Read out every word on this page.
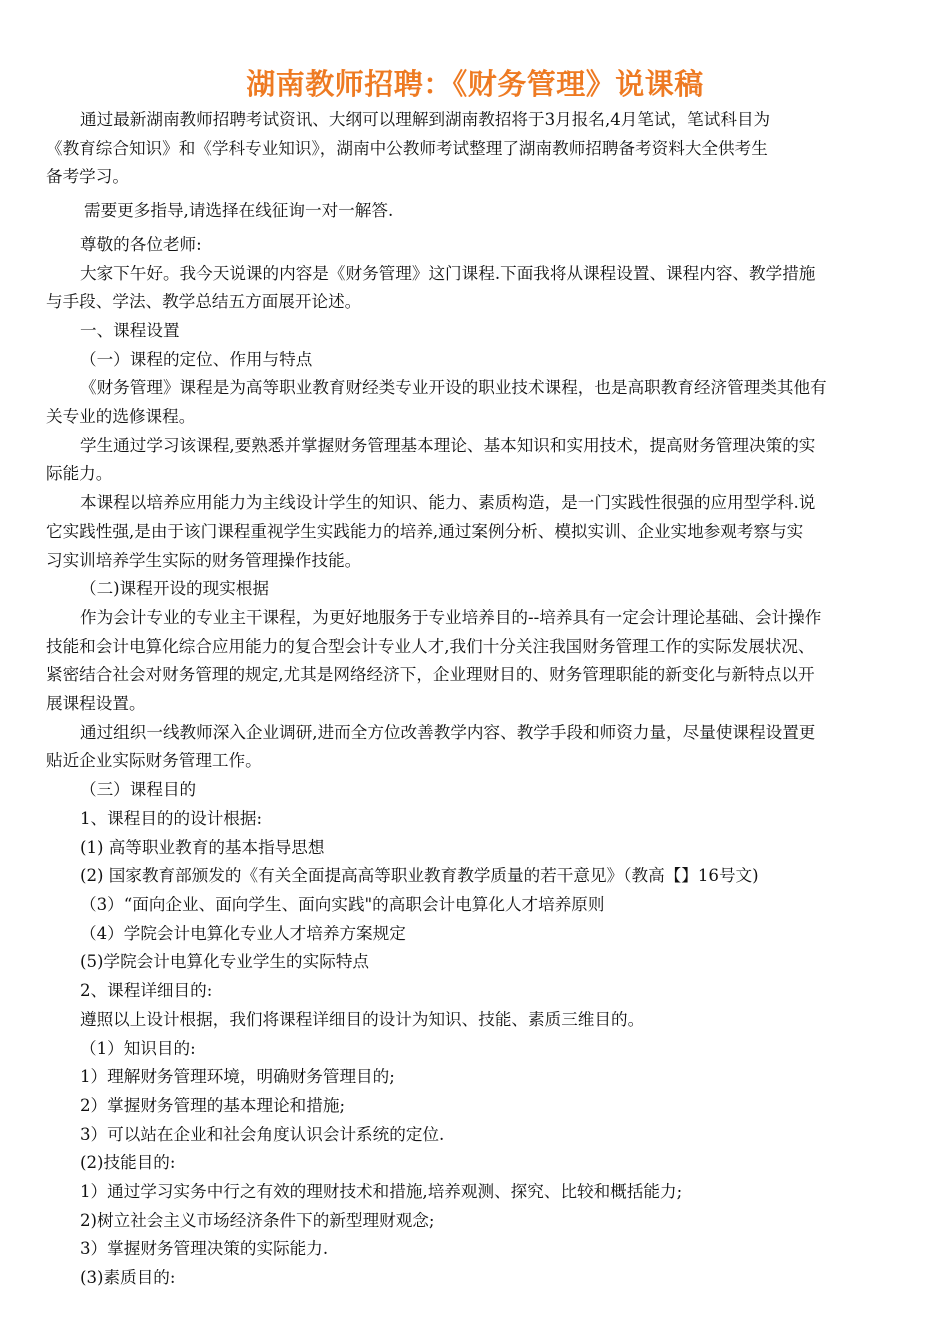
湖南教师招聘：《财务管理》说课稿

通过最新湖南教师招聘考试资讯、大纲可以理解到湖南教招将于3月报名,4月笔试，笔试科目为

《教育综合知识》和《学科专业知识》，湖南中公教师考试整理了湖南教师招聘备考资料大全供考生

备考学习。

需要更多指导,请选择在线征询一对一解答.

尊敬的各位老师:

大家下午好。我今天说课的内容是《财务管理》这门课程.下面我将从课程设置、课程内容、教学措施

与手段、学法、教学总结五方面展开论述。

一、课程设置

（一）课程的定位、作用与特点

《财务管理》课程是为高等职业教育财经类专业开设的职业技术课程，也是高职教育经济管理类其他有

关专业的选修课程。

学生通过学习该课程,要熟悉并掌握财务管理基本理论、基本知识和实用技术，提高财务管理决策的实

际能力。

本课程以培养应用能力为主线设计学生的知识、能力、素质构造，是一门实践性很强的应用型学科.说

它实践性强,是由于该门课程重视学生实践能力的培养,通过案例分析、模拟实训、企业实地参观考察与实

习实训培养学生实际的财务管理操作技能。

（二)课程开设的现实根据

作为会计专业的专业主干课程，为更好地服务于专业培养目的--培养具有一定会计理论基础、会计操作

技能和会计电算化综合应用能力的复合型会计专业人才,我们十分关注我国财务管理工作的实际发展状况、

紧密结合社会对财务管理的规定,尤其是网络经济下，企业理财目的、财务管理职能的新变化与新特点以开

展课程设置。

通过组织一线教师深入企业调研,进而全方位改善教学内容、教学手段和师资力量，尽量使课程设置更

贴近企业实际财务管理工作。

（三）课程目的

1、课程目的的设计根据:

(1) 高等职业教育的基本指导思想

(2) 国家教育部颁发的《有关全面提高高等职业教育教学质量的若干意见》（教高【】16号文)

（3）“面向企业、面向学生、面向实践"的高职会计电算化人才培养原则

（4）学院会计电算化专业人才培养方案规定

(5)学院会计电算化专业学生的实际特点

2、课程详细目的:

遵照以上设计根据，我们将课程详细目的设计为知识、技能、素质三维目的。

（1）知识目的:

1）理解财务管理环境，明确财务管理目的;

2）掌握财务管理的基本理论和措施;

3）可以站在企业和社会角度认识会计系统的定位.

(2)技能目的:

1）通过学习实务中行之有效的理财技术和措施,培养观测、探究、比较和概括能力;

2)树立社会主义市场经济条件下的新型理财观念;

3）掌握财务管理决策的实际能力.

(3)素质目的:
